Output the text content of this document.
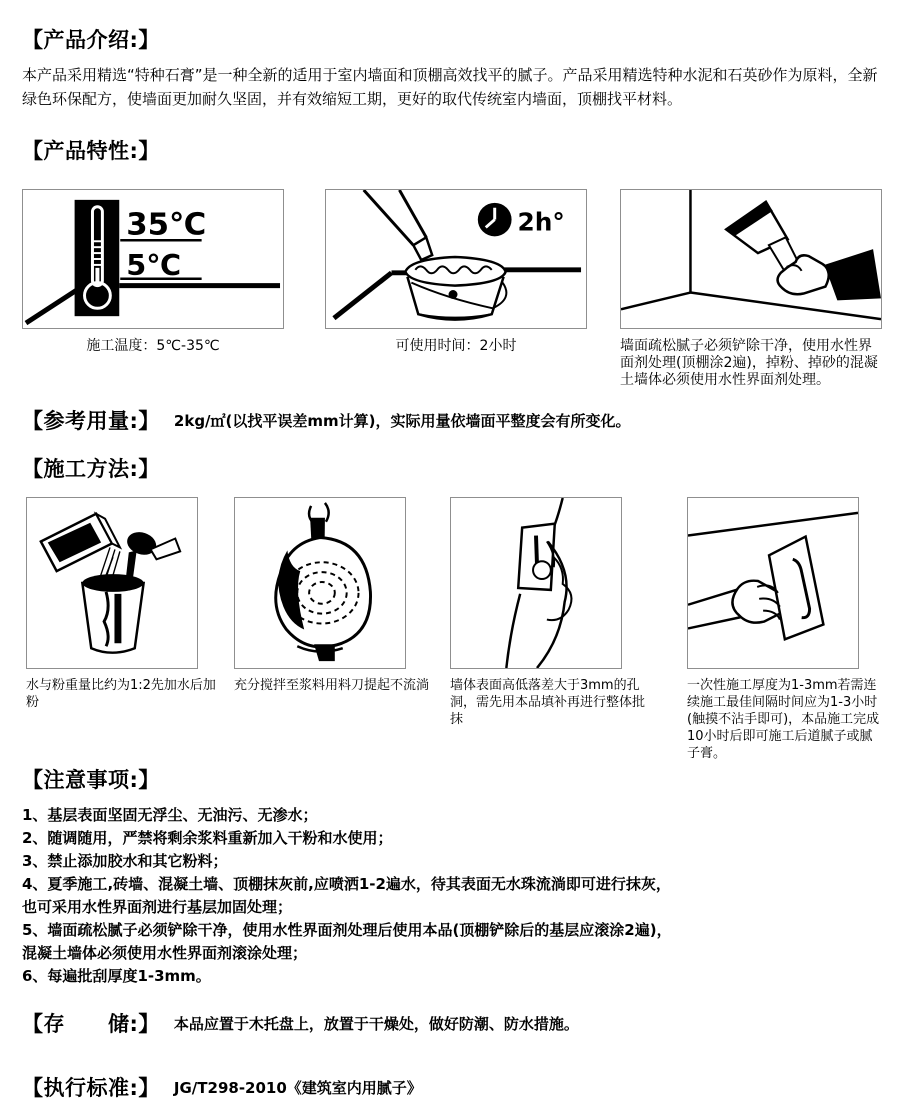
【产品介绍:】

本产品采用精选“特种石膏”是一种全新的适用于室内墙面和顶棚高效找平的腻子。产品采用精选特种水泥和石英砂作为原料，全新绿色环保配方，使墙面更加耐久坚固，并有效缩短工期，更好的取代传统室内墙面，顶棚找平材料。

【产品特性:】
35℃
5℃
施工温度：5℃-35℃
2h°
可使用时间：2小时	墙面疏松腻子必须铲除干净，使用水性界面剂处理(顶棚涂2遍)，掉粉、掉砂的混凝土墙体必须使用水性界面剂处理。
【参考用量:】 2kg/㎡(以找平误差mm计算)，实际用量依墙面平整度会有所变化。
【施工方法:】
水与粉重量比约为1:2先加水后加粉
充分搅拌至浆料用料刀提起不流淌 墙体表面高低落差大于3mm的孔洞，需先用本品填补再进行整体批抹
一次性施工厚度为1-3mm若需连续施工最佳间隔时间应为1-3小时(触摸不沾手即可)，本品施工完成10小时后即可施工后道腻子或腻子膏。
【注意事项:】
1、基层表面坚固无浮尘、无油污、无渗水；
2、随调随用，严禁将剩余浆料重新加入干粉和水使用；
3、禁止添加胶水和其它粉料；
4、夏季施工,砖墙、混凝土墙、顶棚抹灰前,应喷洒1-2遍水，待其表面无水珠流淌即可进行抹灰，
也可采用水性界面剂进行基层加固处理；
5、墙面疏松腻子必须铲除干净，使用水性界面剂处理后使用本品(顶棚铲除后的基层应滚涂2遍)，
混凝土墙体必须使用水性界面剂滚涂处理；
6、每遍批刮厚度1-3mm。
【存　　储:】 本品应置于木托盘上，放置于干燥处，做好防潮、防水措施。
【执行标准:】 JG/T298-2010《建筑室内用腻子》
